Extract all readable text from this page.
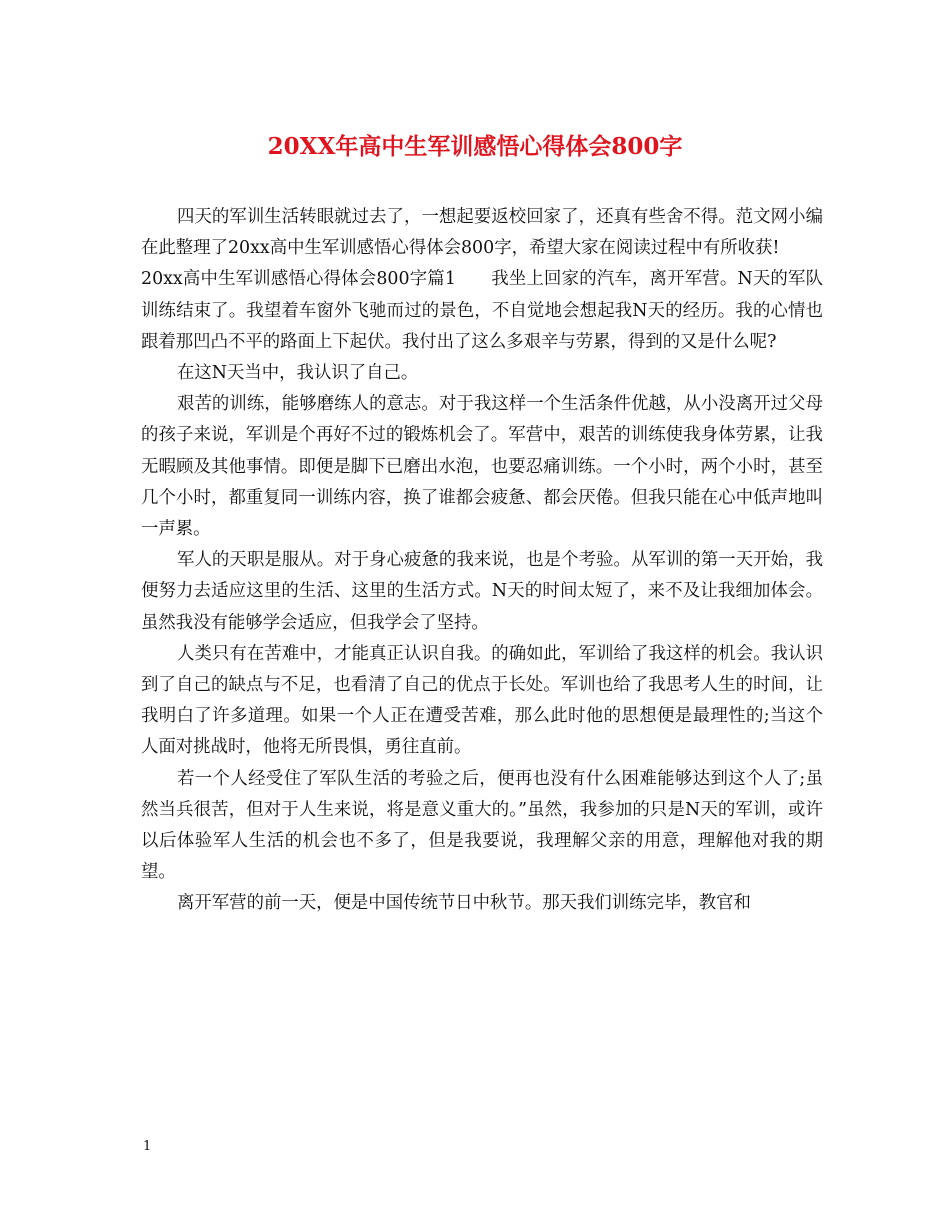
20XX年高中生军训感悟心得体会800字

四天的军训生活转眼就过去了，一想起要返校回家了，还真有些舍不得。范文网小编在此整理了20xx高中生军训感悟心得体会800字，希望大家在阅读过程中有所收获!

20xx高中生军训感悟心得体会800字篇1　　我坐上回家的汽车，离开军营。N天的军队训练结束了。我望着车窗外飞驰而过的景色，不自觉地会想起我N天的经历。我的心情也跟着那凹凸不平的路面上下起伏。我付出了这么多艰辛与劳累，得到的又是什么呢?

在这N天当中，我认识了自己。

艰苦的训练，能够磨练人的意志。对于我这样一个生活条件优越，从小没离开过父母的孩子来说，军训是个再好不过的锻炼机会了。军营中，艰苦的训练使我身体劳累，让我无暇顾及其他事情。即便是脚下已磨出水泡，也要忍痛训练。一个小时，两个小时，甚至几个小时，都重复同一训练内容，换了谁都会疲惫、都会厌倦。但我只能在心中低声地叫一声累。

军人的天职是服从。对于身心疲惫的我来说，也是个考验。从军训的第一天开始，我便努力去适应这里的生活、这里的生活方式。N天的时间太短了，来不及让我细加体会。虽然我没有能够学会适应，但我学会了坚持。

人类只有在苦难中，才能真正认识自我。的确如此，军训给了我这样的机会。我认识到了自己的缺点与不足，也看清了自己的优点于长处。军训也给了我思考人生的时间，让我明白了许多道理。如果一个人正在遭受苦难，那么此时他的思想便是最理性的;当这个人面对挑战时，他将无所畏惧，勇往直前。

若一个人经受住了军队生活的考验之后，便再也没有什么困难能够达到这个人了;虽然当兵很苦，但对于人生来说，将是意义重大的。”虽然，我参加的只是N天的军训，或许以后体验军人生活的机会也不多了，但是我要说，我理解父亲的用意，理解他对我的期望。

离开军营的前一天，便是中国传统节日中秋节。那天我们训练完毕，教官和

1
